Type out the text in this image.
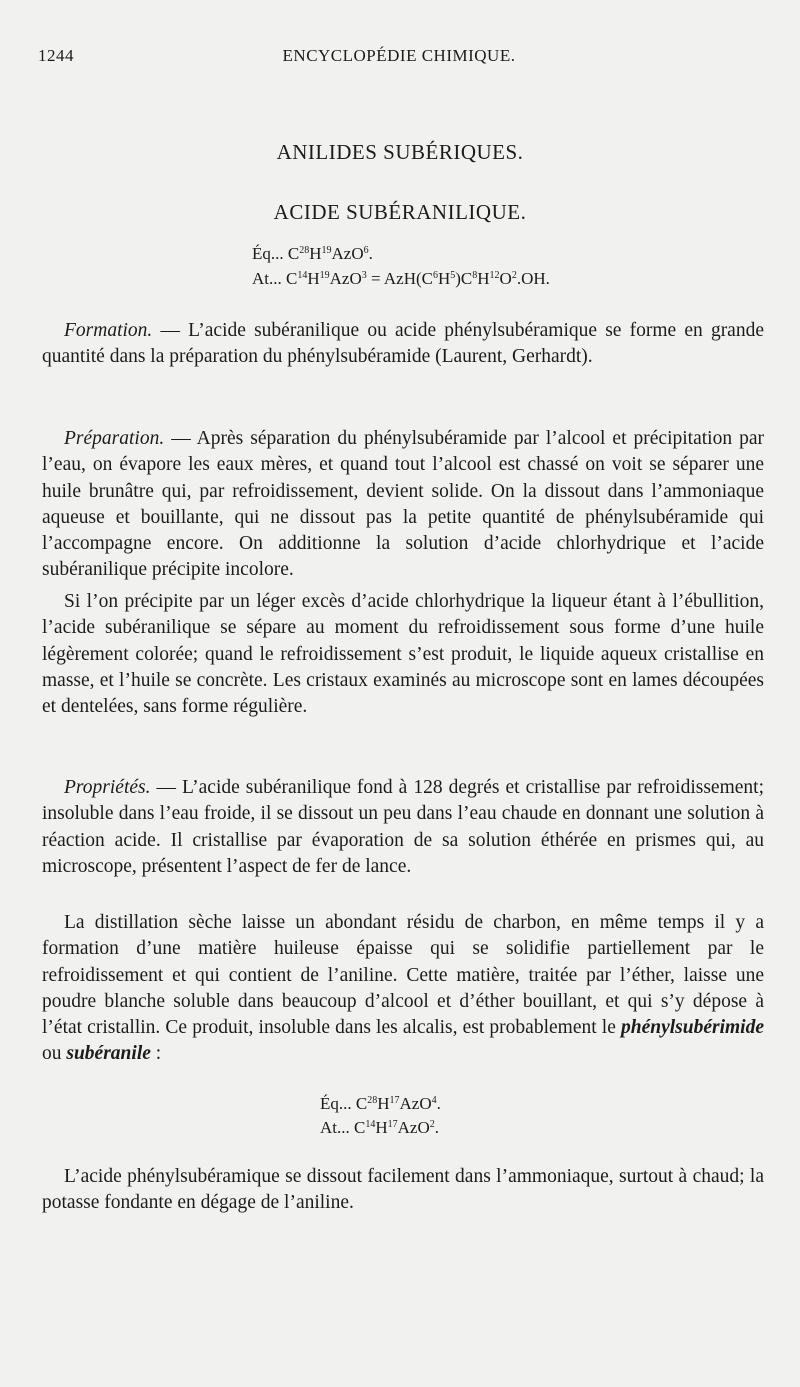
1244	ENCYCLOPÉDIE CHIMIQUE.
ANILIDES SUBÉRIQUES.
ACIDE SUBÉRANILIQUE.
Éq... $C^{28}H^{19}AzO^6$.
At... $C^{14}H^{19}AzO^3 = AzH(C^6H^5)C^8H^{12}O^2.OH$.

Formation. — L’acide subéranilique ou acide phénylsubéramique se forme en grande quantité dans la préparation du phénylsubéramide (Laurent, Gerhardt).

Préparation. — Après séparation du phénylsubéramide par l’alcool et précipitation par l’eau, on évapore les eaux mères, et quand tout l’alcool est chassé on voit se séparer une huile brunâtre qui, par refroidissement, devient solide. On la dissout dans l’ammoniaque aqueuse et bouillante, qui ne dissout pas la petite quantité de phénylsubéramide qui l’accompagne encore. On additionne la solution d’acide chlorhydrique et l’acide subéranilique précipite incolore.

Si l’on précipite par un léger excès d’acide chlorhydrique la liqueur étant à l’ébullition, l’acide subéranilique se sépare au moment du refroidissement sous forme d’une huile légèrement colorée; quand le refroidissement s’est produit, le liquide aqueux cristallise en masse, et l’huile se concrète. Les cristaux examinés au microscope sont en lames découpées et dentelées, sans forme régulière.

Propriétés. — L’acide subéranilique fond à 128 degrés et cristallise par refroidissement; insoluble dans l’eau froide, il se dissout un peu dans l’eau chaude en donnant une solution à réaction acide. Il cristallise par évaporation de sa solution éthérée en prismes qui, au microscope, présentent l’aspect de fer de lance.

La distillation sèche laisse un abondant résidu de charbon, en même temps il y a formation d’une matière huileuse épaisse qui se solidifie partiellement par le refroidissement et qui contient de l’aniline. Cette matière, traitée par l’éther, laisse une poudre blanche soluble dans beaucoup d’alcool et d’éther bouillant, et qui s’y dépose à l’état cristallin. Ce produit, insoluble dans les alcalis, est probablement le phénylsubérimide ou subéranile :

Éq... $C^{28}H^{17}AzO^4$.
At... $C^{14}H^{17}AzO^2$.

L’acide phénylsubéramique se dissout facilement dans l’ammoniaque, surtout à chaud; la potasse fondante en dégage de l’aniline.
